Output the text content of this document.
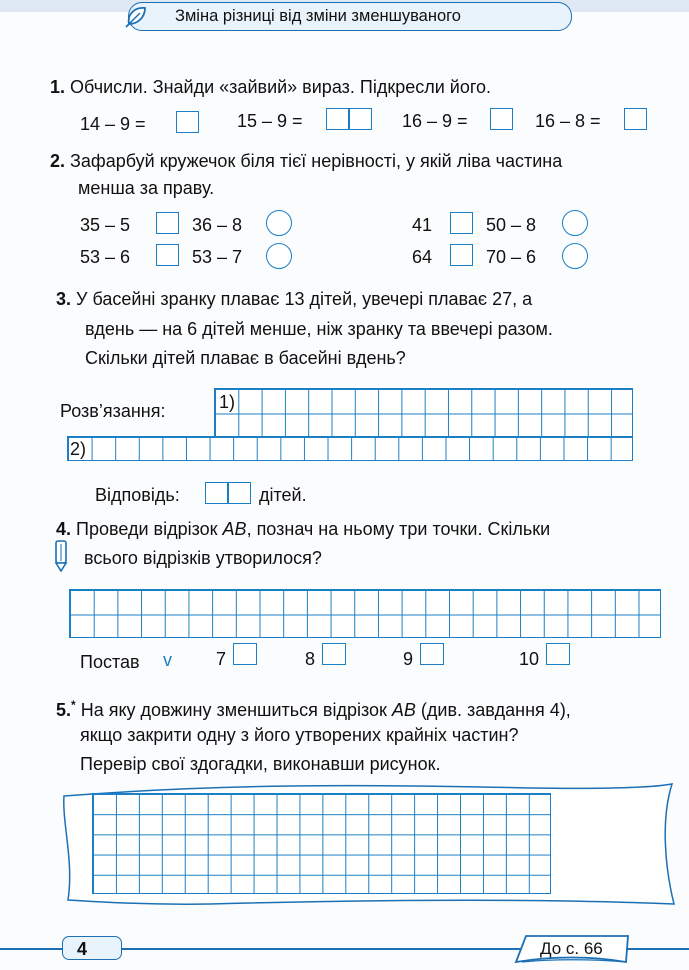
Зміна різниці від зміни зменшуваного
1. Обчисли. Знайди «зайвий» вираз. Підкресли його.
14 – 9 =	15 – 9 =	16 – 9 =	16 – 8 =
2. Зафарбуй кружечок біля тієї нерівності, у якій ліва частина
менша за праву.
35 – 5	36 – 8	41	50 – 8
53 – 6	53 – 7	64	70 – 6
3. У басейні зранку плаває 13 дітей, увечері плаває 27, а
вдень — на 6 дітей менше, ніж зранку та ввечері разом.
Скільки дітей плаває в басейні вдень?
Розв’язання:	1)
2)
Відповідь:	дітей.
4. Проведи відрізок AB, познач на ньому три точки. Скільки
всього відрізків утворилося?
Постав v 7	8	9	10
5.* На яку довжину зменшиться відрізок AB (див. завдання 4),
якщо закрити одну з його утворених крайніх частин?
Перевір свої здогадки, виконавши рисунок.
4	До с. 66
